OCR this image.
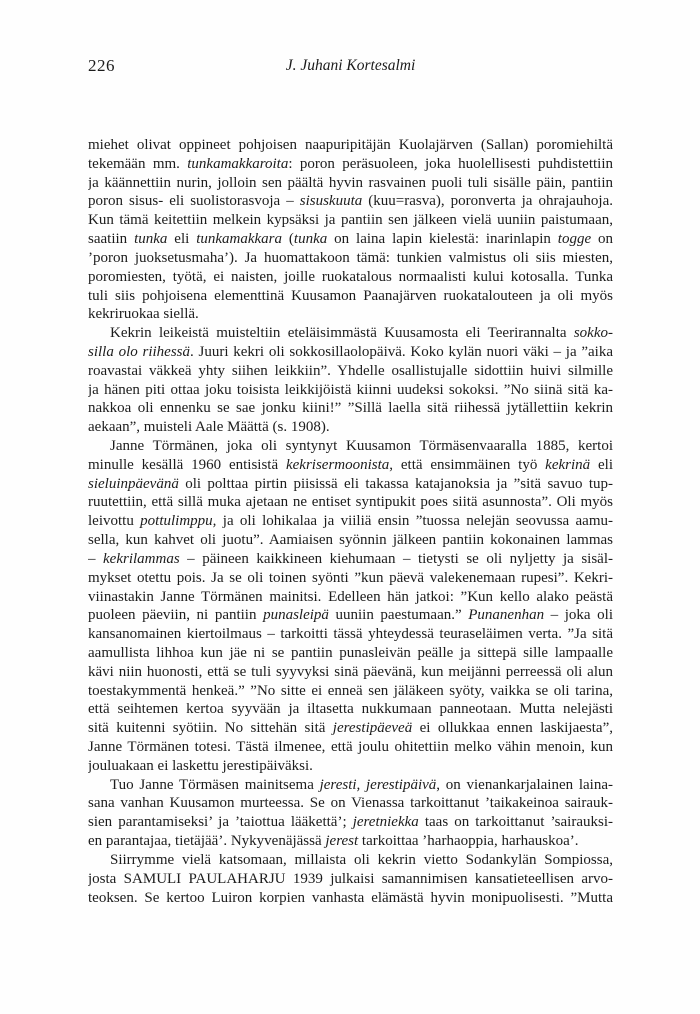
226	J. Juhani Kortesalmi
miehet olivat oppineet pohjoisen naapuripitäjän Kuolajärven (Sallan) poromiehiltä
tekemään mm. tunkamakkaroita: poron peräsuoleen, joka huolellisesti puhdistettiin
ja käännettiin nurin, jolloin sen päältä hyvin rasvainen puoli tuli sisälle päin, pantiin
poron sisus- eli suolistorasvoja – sisuskuuta (kuu=rasva), poronverta ja ohrajauhoja.
Kun tämä keitettiin melkein kypsäksi ja pantiin sen jälkeen vielä uuniin paistumaan,
saatiin tunka eli tunkamakkara (tunka on laina lapin kielestä: inarinlapin togge on
’poron juoksetusmaha’). Ja huomattakoon tämä: tunkien valmistus oli siis miesten,
poromiesten, työtä, ei naisten, joille ruokatalous normaalisti kului kotosalla. Tunka
tuli siis pohjoisena elementtinä Kuusamon Paanajärven ruokatalouteen ja oli myös
kekriruokaa siellä.
Kekrin leikeistä muisteltiin eteläisimmästä Kuusamosta eli Teerirannalta sokko-
silla olo riihessä. Juuri kekri oli sokkosillaolopäivä. Koko kylän nuori väki – ja ”aika
roavastai väkkeä yhty siihen leikkiin”. Yhdelle osallistujalle sidottiin huivi silmille
ja hänen piti ottaa joku toisista leikkijöistä kiinni uudeksi sokoksi. ”No siinä sitä ka-
nakkoa oli ennenku se sae jonku kiini!” ”Sillä laella sitä riihessä jytällettiin kekrin
aekaan”, muisteli Aale Määttä (s. 1908).
Janne Törmänen, joka oli syntynyt Kuusamon Törmäsenvaaralla 1885, kertoi
minulle kesällä 1960 entisistä kekrisermoonista, että ensimmäinen työ kekrinä eli
sieluinpäevänä oli polttaa pirtin piisissä eli takassa katajanoksia ja ”sitä savuo tup-
ruutettiin, että sillä muka ajetaan ne entiset syntipukit poes siitä asunnosta”. Oli myös
leivottu pottulimppu, ja oli lohikalaa ja viiliä ensin ”tuossa nelejän seovussa aamu-
sella, kun kahvet oli juotu”. Aamiaisen syönnin jälkeen pantiin kokonainen lammas
– kekrilammas – päineen kaikkineen kiehumaan – tietysti se oli nyljetty ja sisäl-
mykset otettu pois. Ja se oli toinen syönti ”kun päevä valekenemaan rupesi”. Kekri-
viinastakin Janne Törmänen mainitsi. Edelleen hän jatkoi: ”Kun kello alako peästä
puoleen päeviin, ni pantiin punasleipä uuniin paestumaan.” Punanenhan – joka oli
kansanomainen kiertoilmaus – tarkoitti tässä yhteydessä teuraseläimen verta. ”Ja sitä
aamullista lihhoa kun jäe ni se pantiin punasleivän peälle ja sittepä sille lampaalle
kävi niin huonosti, että se tuli syyvyksi sinä päevänä, kun meijänni perreessä oli alun
toestakymmentä henkeä.” ”No sitte ei enneä sen jäläkeen syöty, vaikka se oli tarina,
että seihtemen kertoa syyvään ja iltasetta nukkumaan panneotaan. Mutta nelejästi
sitä kuitenni syötiin. No sittehän sitä jerestipäeveä ei ollukkaa ennen laskijaesta”,
Janne Törmänen totesi. Tästä ilmenee, että joulu ohitettiin melko vähin menoin, kun
jouluakaan ei laskettu jerestipäiväksi.
Tuo Janne Törmäsen mainitsema jeresti, jerestipäivä, on vienankarjalainen laina-
sana vanhan Kuusamon murteessa. Se on Vienassa tarkoittanut ’taikakeinoa sairauk-
sien parantamiseksi’ ja ’taiottua lääkettä’; jeretniekka taas on tarkoittanut ’sairauksi-
en parantajaa, tietäjää’. Nykyvenäjässä jerest tarkoittaa ’harhaoppia, harhauskoa’.
Siirrymme vielä katsomaan, millaista oli kekrin vietto Sodankylän Sompiossa,
josta SAMULI PAULAHARJU 1939 julkaisi samannimisen kansatieteellisen arvo-
teoksen. Se kertoo Luiron korpien vanhasta elämästä hyvin monipuolisesti. ”Mutta
